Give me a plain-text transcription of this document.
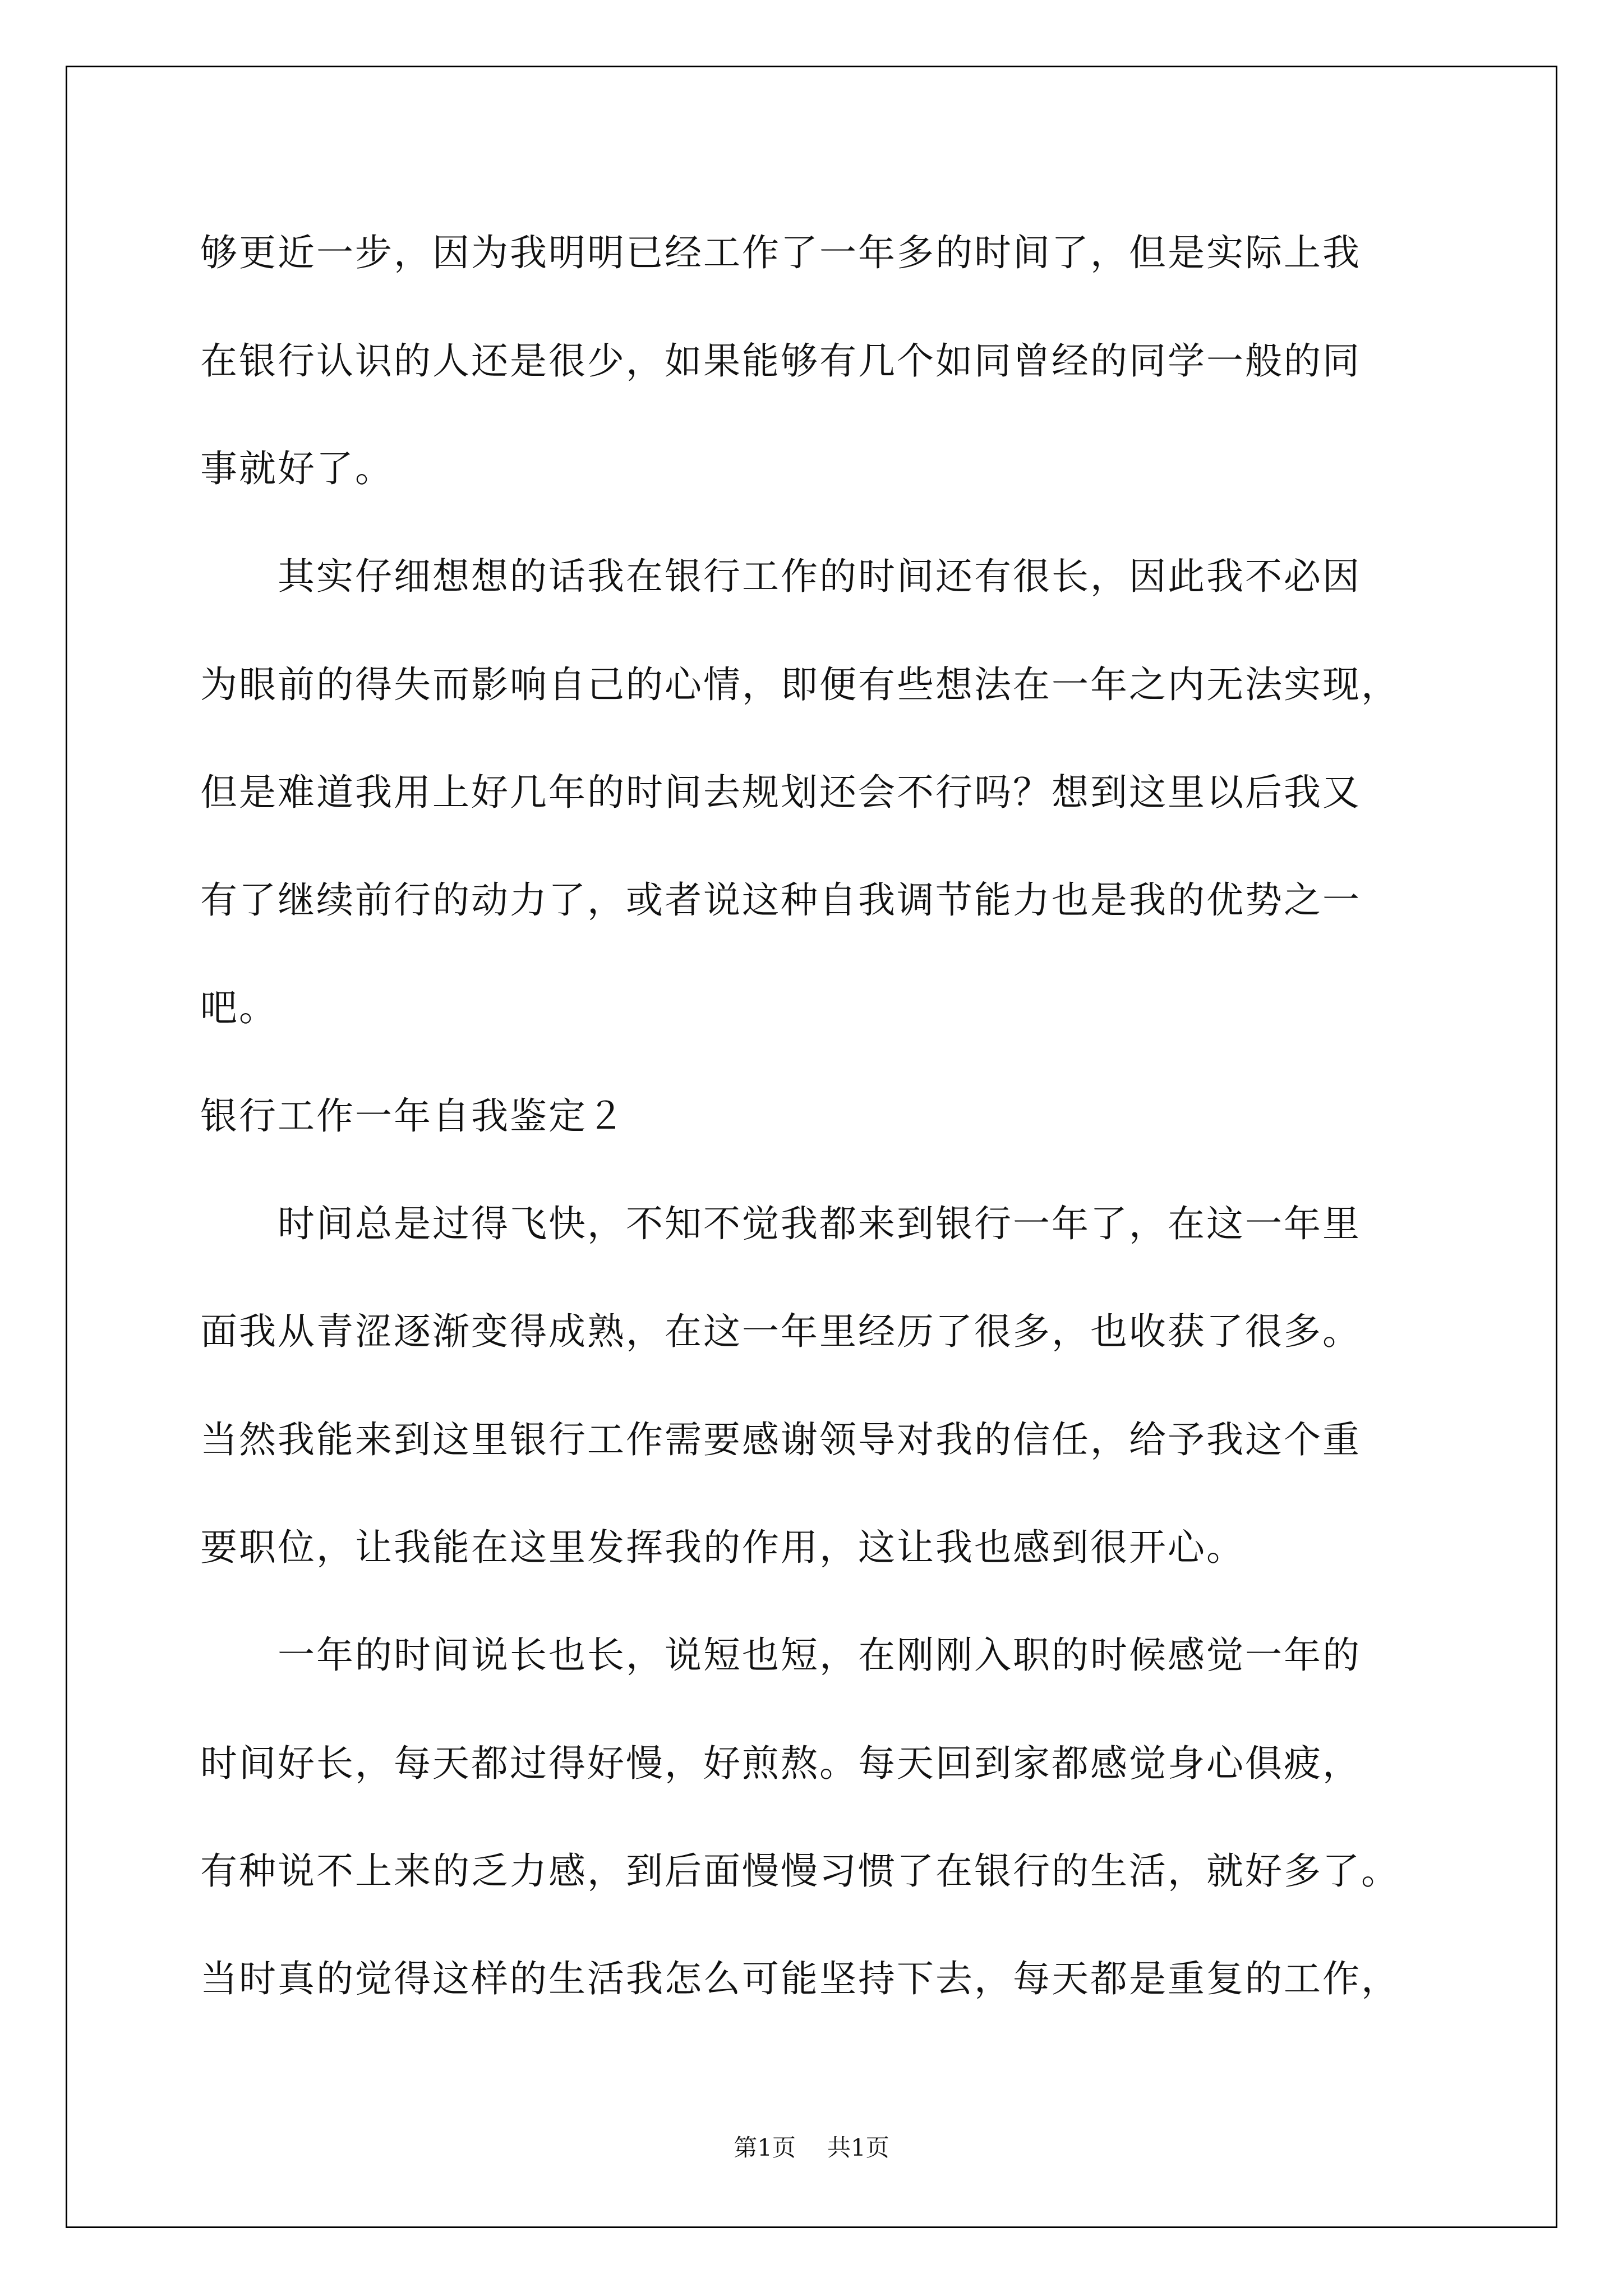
够更近一步，因为我明明已经工作了一年多的时间了，但是实际上我
在银行认识的人还是很少，如果能够有几个如同曾经的同学一般的同
事就好了。
　　其实仔细想想的话我在银行工作的时间还有很长，因此我不必因
为眼前的得失而影响自己的心情，即便有些想法在一年之内无法实现，
但是难道我用上好几年的时间去规划还会不行吗？想到这里以后我又
有了继续前行的动力了，或者说这种自我调节能力也是我的优势之一
吧。
银行工作一年自我鉴定２
　　时间总是过得飞快，不知不觉我都来到银行一年了，在这一年里
面我从青涩逐渐变得成熟，在这一年里经历了很多，也收获了很多。
当然我能来到这里银行工作需要感谢领导对我的信任，给予我这个重
要职位，让我能在这里发挥我的作用，这让我也感到很开心。
　　一年的时间说长也长，说短也短，在刚刚入职的时候感觉一年的
时间好长，每天都过得好慢，好煎熬。每天回到家都感觉身心俱疲，
有种说不上来的乏力感，到后面慢慢习惯了在银行的生活，就好多了。
当时真的觉得这样的生活我怎么可能坚持下去，每天都是重复的工作，
第1页 共1页
